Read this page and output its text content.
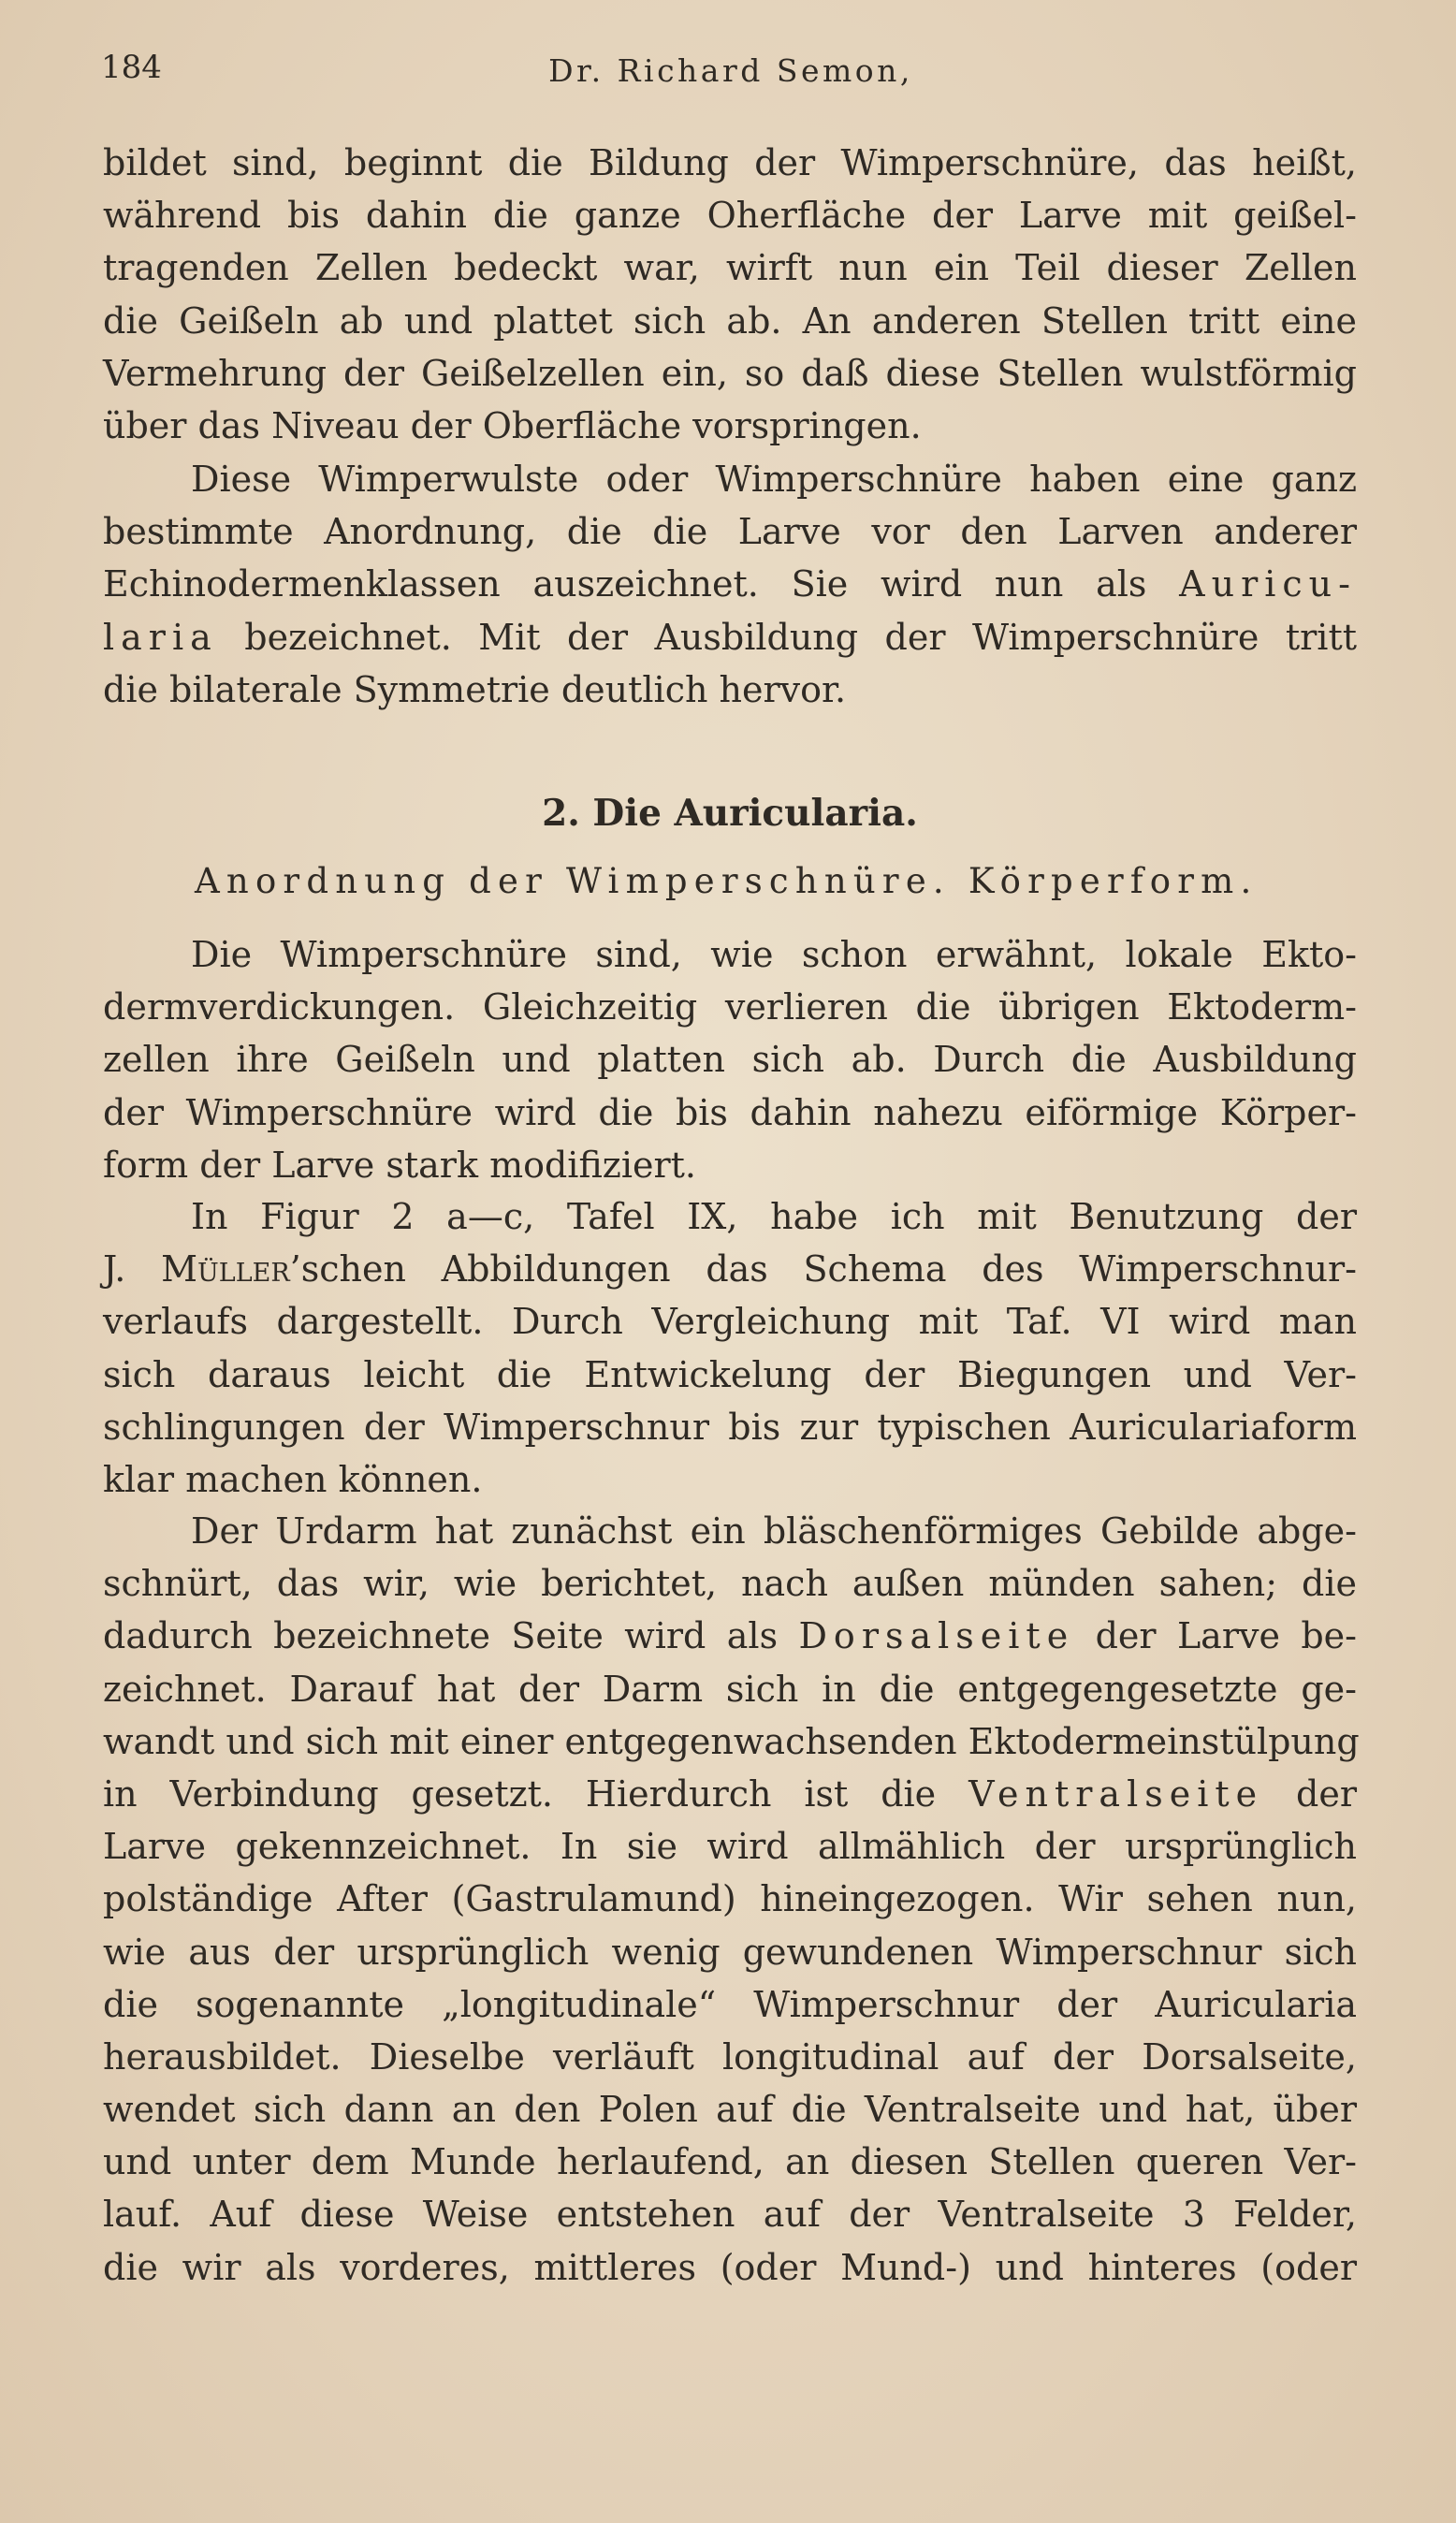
184	Dr. Richard Semon,
bildet sind, beginnt die Bildung der Wimperschnüre, das heißt,
während bis dahin die ganze Oherfläche der Larve mit geißel-
tragenden Zellen bedeckt war, wirft nun ein Teil dieser Zellen
die Geißeln ab und plattet sich ab. An anderen Stellen tritt eine
Vermehrung der Geißelzellen ein, so daß diese Stellen wulstförmig
über das Niveau der Oberfläche vorspringen.
Diese Wimperwulste oder Wimperschnüre haben eine ganz
bestimmte Anordnung, die die Larve vor den Larven anderer
Echinodermenklassen auszeichnet. Sie wird nun als Auricu-
laria bezeichnet. Mit der Ausbildung der Wimperschnüre tritt
die bilaterale Symmetrie deutlich hervor.
2. Die Auricularia.
Anordnung der Wimperschnüre. Körperform.
Die Wimperschnüre sind, wie schon erwähnt, lokale Ekto-
dermverdickungen. Gleichzeitig verlieren die übrigen Ektoderm-
zellen ihre Geißeln und platten sich ab. Durch die Ausbildung
der Wimperschnüre wird die bis dahin nahezu eiförmige Körper-
form der Larve stark modifiziert.
In Figur 2 a—c, Tafel IX, habe ich mit Benutzung der
J. Müller’schen Abbildungen das Schema des Wimperschnur-
verlaufs dargestellt. Durch Vergleichung mit Taf. VI wird man
sich daraus leicht die Entwickelung der Biegungen und Ver-
schlingungen der Wimperschnur bis zur typischen Auriculariaform
klar machen können.
Der Urdarm hat zunächst ein bläschenförmiges Gebilde abge-
schnürt, das wir, wie berichtet, nach außen münden sahen; die
dadurch bezeichnete Seite wird als Dorsalseite der Larve be-
zeichnet. Darauf hat der Darm sich in die entgegengesetzte ge-
wandt und sich mit einer entgegenwachsenden Ektodermeinstülpung
in Verbindung gesetzt. Hierdurch ist die Ventralseite der
Larve gekennzeichnet. In sie wird allmählich der ursprünglich
polständige After (Gastrulamund) hineingezogen. Wir sehen nun,
wie aus der ursprünglich wenig gewundenen Wimperschnur sich
die sogenannte „longitudinale“ Wimperschnur der Auricularia
herausbildet. Dieselbe verläuft longitudinal auf der Dorsalseite,
wendet sich dann an den Polen auf die Ventralseite und hat, über
und unter dem Munde herlaufend, an diesen Stellen queren Ver-
lauf. Auf diese Weise entstehen auf der Ventralseite 3 Felder,
die wir als vorderes, mittleres (oder Mund-) und hinteres (oder
